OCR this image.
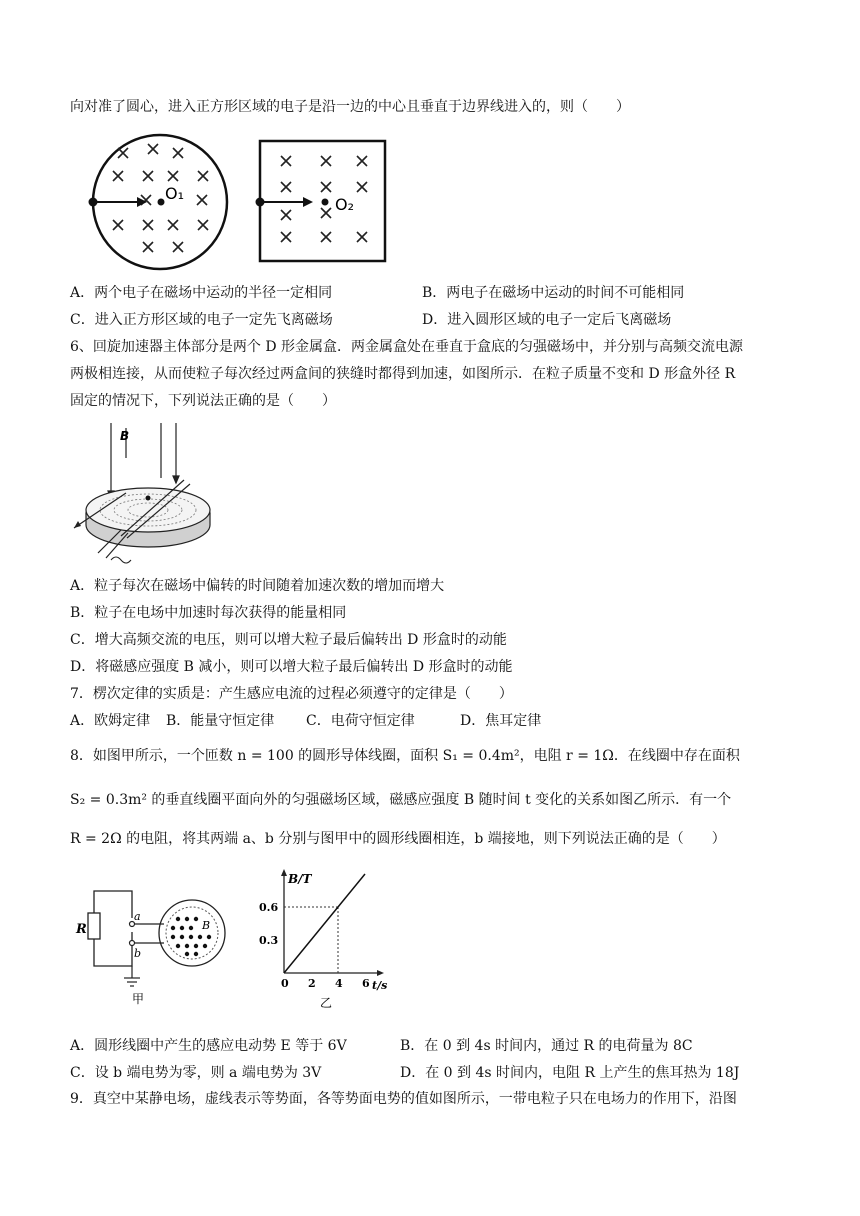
向对准了圆心，进入正方形区域的电子是沿一边的中心且垂直于边界线进入的，则（　　）
O₁
O₂
A．两个电子在磁场中运动的半径一定相同	B．两电子在磁场中运动的时间不可能相同
C．进入正方形区域的电子一定先飞离磁场	D．进入圆形区域的电子一定后飞离磁场
6、回旋加速器主体部分是两个 D 形金属盒．两金属盒处在垂直于盒底的匀强磁场中，并分别与高频交流电源
两极相连接，从而使粒子每次经过两盒间的狭缝时都得到加速，如图所示．在粒子质量不变和 D 形盒外径 R
固定的情况下，下列说法正确的是（　　）
B
A．粒子每次在磁场中偏转的时间随着加速次数的增加而增大
B．粒子在电场中加速时每次获得的能量相同
C．增大高频交流的电压，则可以增大粒子最后偏转出 D 形盒时的动能
D．将磁感应强度 B 减小，则可以增大粒子最后偏转出 D 形盒时的动能
7．楞次定律的实质是：产生感应电流的过程必须遵守的定律是（　　）
A．欧姆定律 B．能量守恒定律 C．电荷守恒定律	D．焦耳定律
8．如图甲所示，一个匝数 n = 100 的圆形导体线圈，面积 S₁ = 0.4m²，电阻 r = 1Ω．在线圈中存在面积
S₂ = 0.3m² 的垂直线圈平面向外的匀强磁场区域，磁感应强度 B 随时间 t 变化的关系如图乙所示．有一个
R = 2Ω 的电阻，将其两端 a、b 分别与图甲中的圆形线圈相连，b 端接地，则下列说法正确的是（　　）
R
a
b
B
甲
B/T
t/s
0 2 4 6
0.3
0.6
乙
A．圆形线圈中产生的感应电动势 E 等于 6V	B．在 0 到 4s 时间内，通过 R 的电荷量为 8C
C．设 b 端电势为零，则 a 端电势为 3V	D．在 0 到 4s 时间内，电阻 R 上产生的焦耳热为 18J
9．真空中某静电场，虚线表示等势面，各等势面电势的值如图所示，一带电粒子只在电场力的作用下，沿图
